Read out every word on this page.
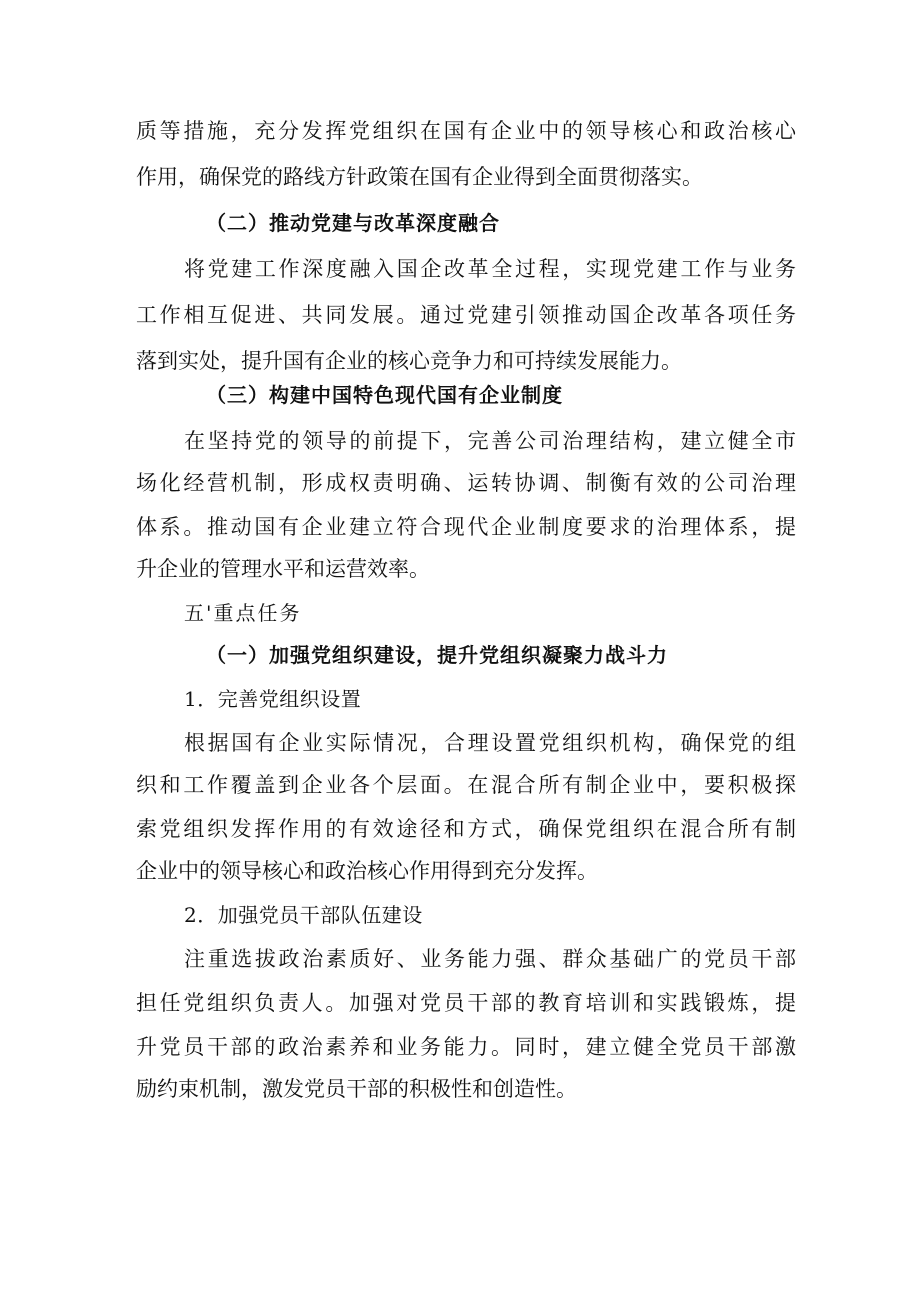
质等措施，充分发挥党组织在国有企业中的领导核心和政治核心
作用，确保党的路线方针政策在国有企业得到全面贯彻落实。
（二）推动党建与改革深度融合
将党建工作深度融入国企改革全过程，实现党建工作与业务
工作相互促进、共同发展。通过党建引领推动国企改革各项任务
落到实处，提升国有企业的核心竞争力和可持续发展能力。
（三）构建中国特色现代国有企业制度
在坚持党的领导的前提下，完善公司治理结构，建立健全市
场化经营机制，形成权责明确、运转协调、制衡有效的公司治理
体系。推动国有企业建立符合现代企业制度要求的治理体系，提
升企业的管理水平和运营效率。
五'重点任务
（一）加强党组织建设，提升党组织凝聚力战斗力
1．完善党组织设置
根据国有企业实际情况，合理设置党组织机构，确保党的组
织和工作覆盖到企业各个层面。在混合所有制企业中，要积极探
索党组织发挥作用的有效途径和方式，确保党组织在混合所有制
企业中的领导核心和政治核心作用得到充分发挥。
2．加强党员干部队伍建设
注重选拔政治素质好、业务能力强、群众基础广的党员干部
担任党组织负责人。加强对党员干部的教育培训和实践锻炼，提
升党员干部的政治素养和业务能力。同时，建立健全党员干部激
励约束机制，激发党员干部的积极性和创造性。
